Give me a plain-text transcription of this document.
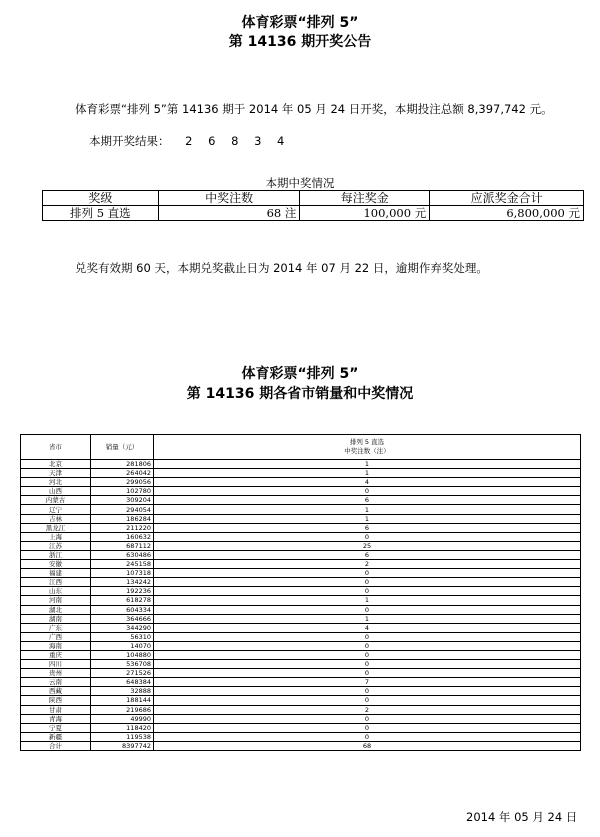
体育彩票“排列 5”
第 14136 期开奖公告
体育彩票“排列 5”第 14136 期于 2014 年 05 月 24 日开奖，本期投注总额 8,397,742 元。
本期开奖结果： 2 6 8 3 4
本期中奖情况
奖级	中奖注数	每注奖金	应派奖金合计
排列 5 直选	68 注	100,000 元	6,800,000 元
兑奖有效期 60 天，本期兑奖截止日为 2014 年 07 月 22 日，逾期作弃奖处理。
体育彩票“排列 5”
第 14136 期各省市销量和中奖情况
省市	销量（元）	排列 5 直选
中奖注数（注）

北京	281806	1
天津	264042	1
河北	299056	4
山西	102780	0
内蒙古	309204	6
辽宁	294054	1
吉林	186284	1
黑龙江	211220	6
上海	160632	0
江苏	687112	25
浙江	630486	6
安徽	245158	2
福建	107318	0
江西	134242	0
山东	192236	0
河南	618278	1
湖北	604334	0
湖南	364666	1
广东	344290	4
广西	56310	0
海南	14070	0
重庆	104880	0
四川	536708	0
贵州	271526	0
云南	648384	7
西藏	32888	0
陕西	188144	0
甘肃	219686	2
青海	49990	0
宁夏	118420	0
新疆	119538	0
合计	8397742	68
2014 年 05 月 24 日
